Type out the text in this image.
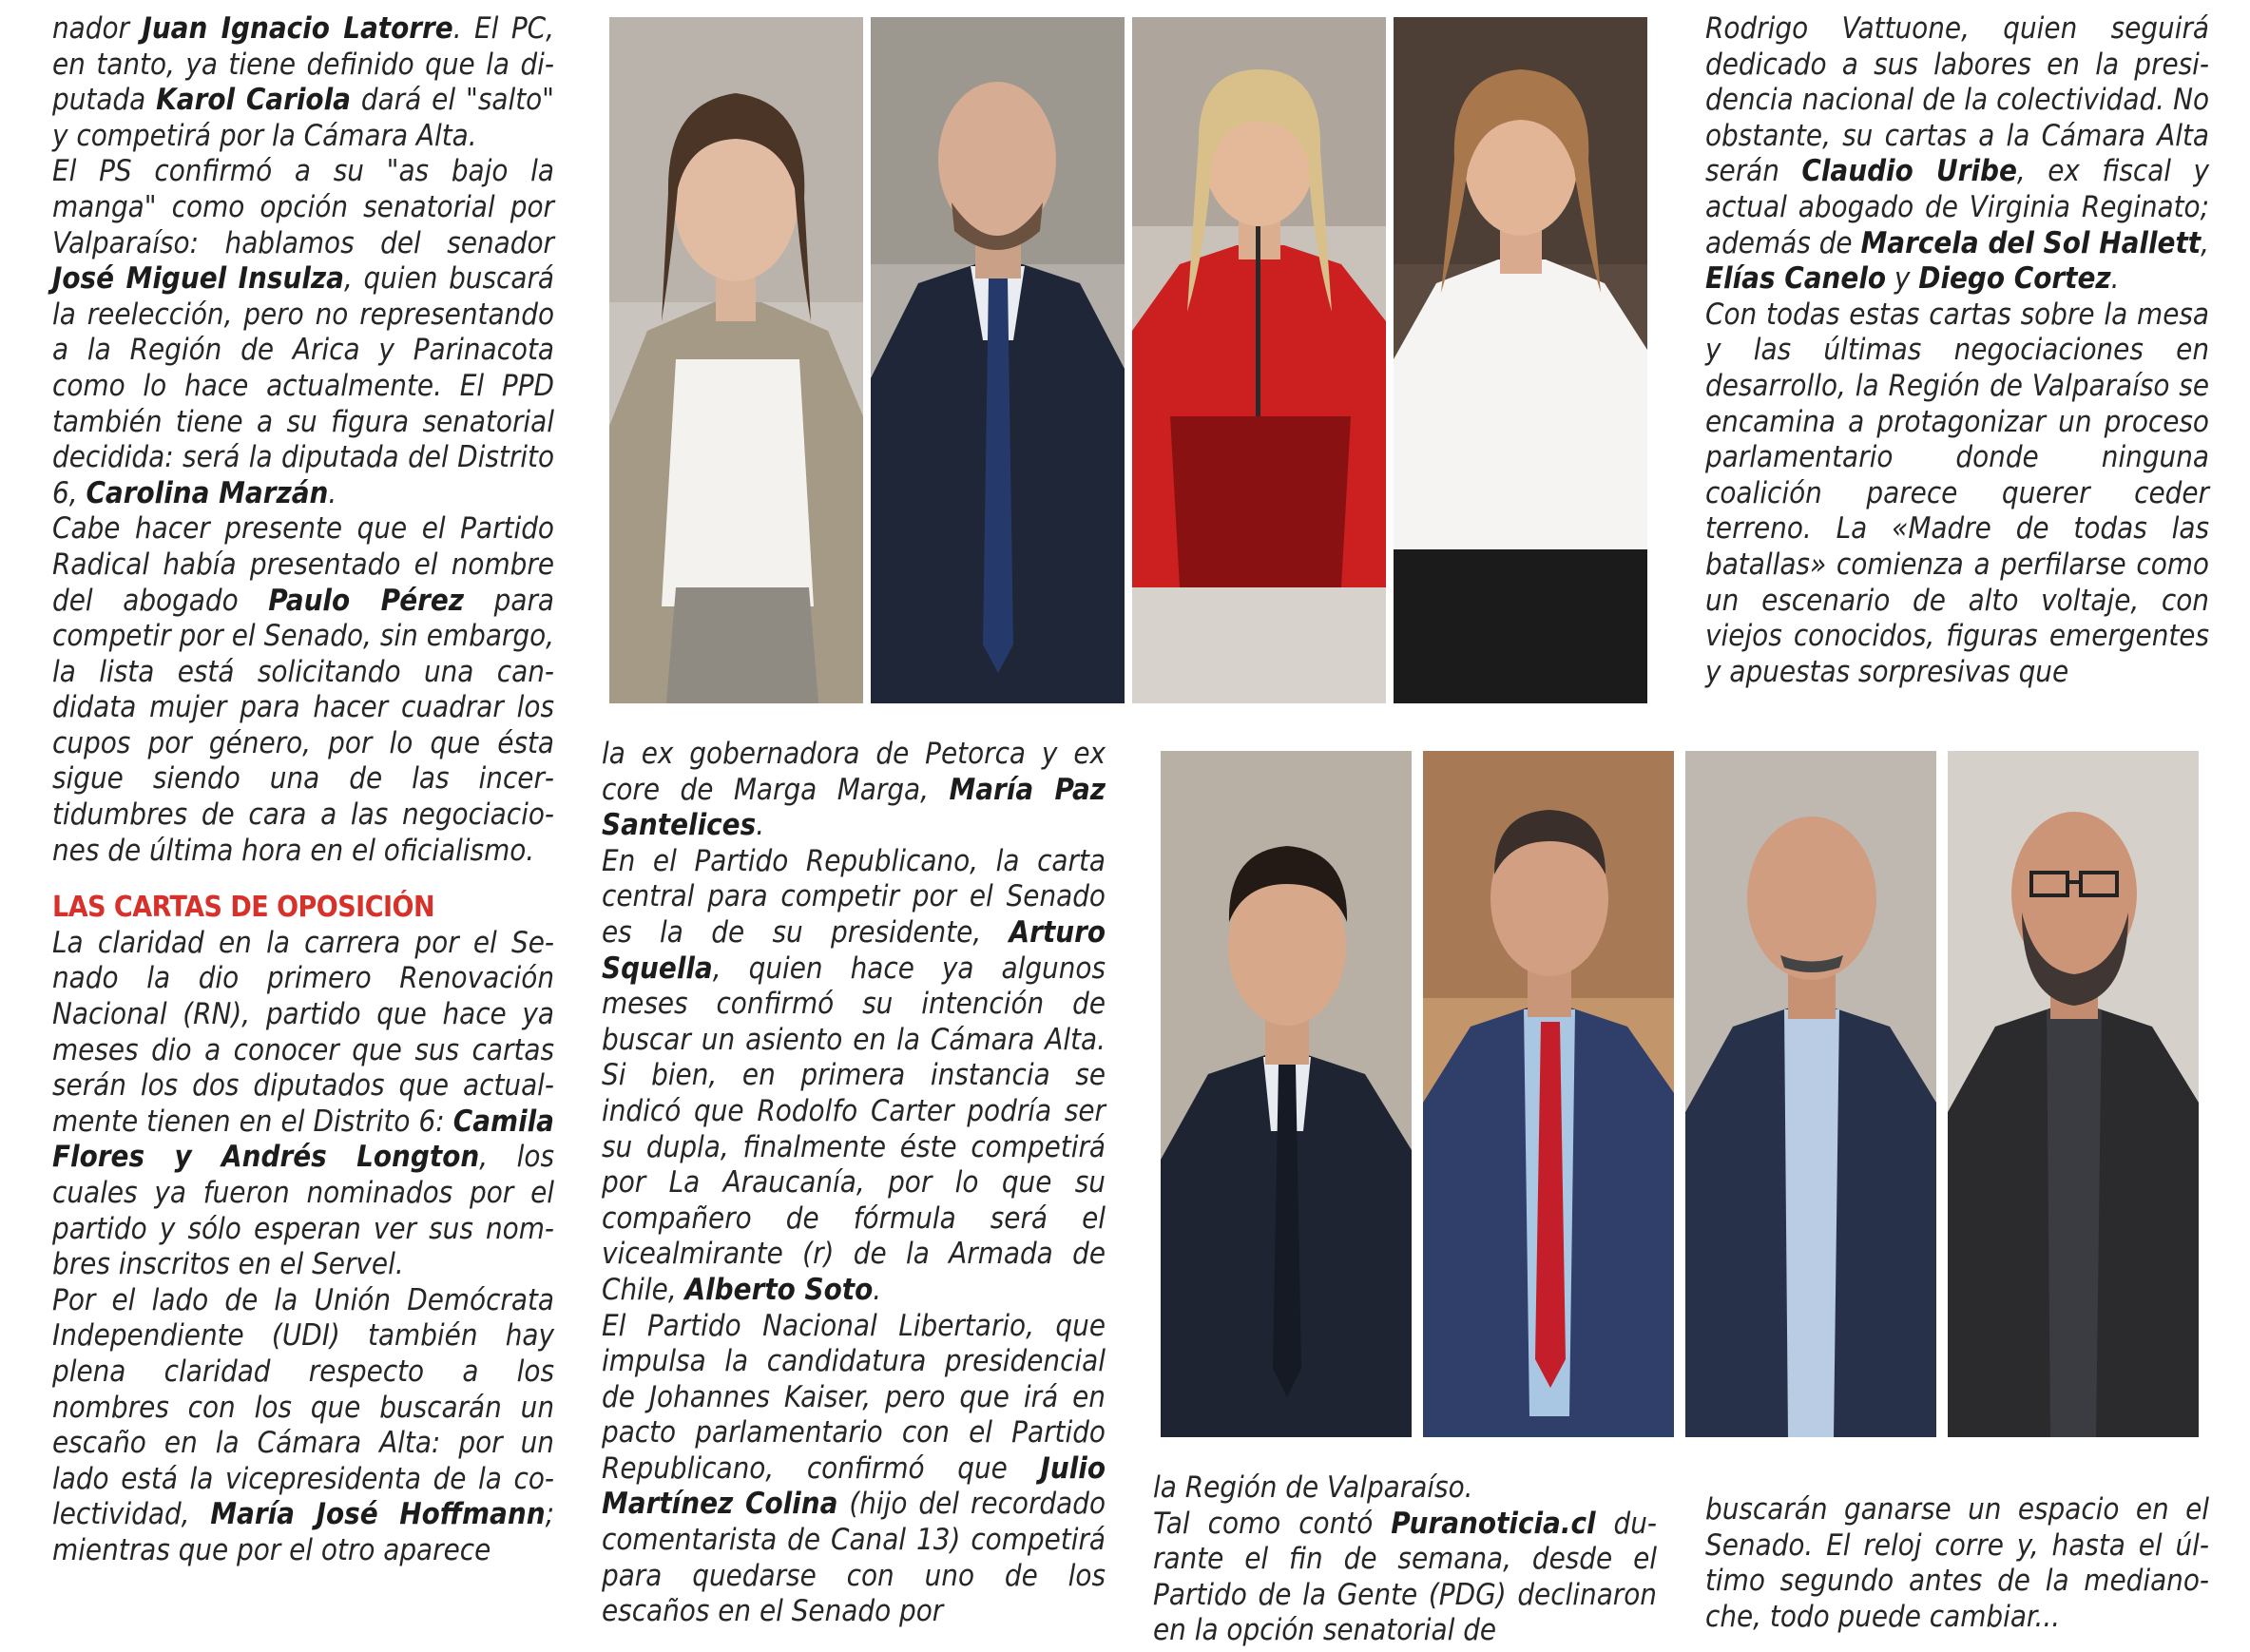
nador Juan Ignacio Latorre. El PC, en tanto, ya tiene definido que la diputada Karol Cariola dará el "salto" y competirá por la Cámara Alta.

El PS confirmó a su "as bajo la manga" como opción senatorial por Valparaíso: hablamos del senador José Miguel Insulza, quien buscará la reelección, pero no representando a la Región de Arica y Parinacota como lo hace actualmente. El PPD también tiene a su figura senatorial decidida: será la diputada del Distrito 6, Carolina Marzán.

Cabe hacer presente que el Partido Radical había presentado el nombre del abogado Paulo Pérez para competir por el Senado, sin embargo, la lista está solicitando una candidata mujer para hacer cuadrar los cupos por género, por lo que ésta sigue siendo una de las incertidumbres de cara a las negociaciones de última hora en el oficialismo.

LAS CARTAS DE OPOSICIÓN

La claridad en la carrera por el Senado la dio primero Renovación Nacional (RN), partido que hace ya meses dio a conocer que sus cartas serán los dos diputados que actualmente tienen en el Distrito 6: Camila Flores y Andrés Longton, los cuales ya fueron nominados por el partido y sólo esperan ver sus nombres inscritos en el Servel.

Por el lado de la Unión Demócrata Independiente (UDI) también hay plena claridad respecto a los nombres con los que buscarán un escaño en la Cámara Alta: por un lado está la vicepresidenta de la colectividad, María José Hoffmann; mientras que por el otro aparece

la ex gobernadora de Petorca y ex core de Marga Marga, María Paz Santelices.

En el Partido Republicano, la carta central para competir por el Senado es la de su presidente, Arturo Squella, quien hace ya algunos meses confirmó su intención de buscar un asiento en la Cámara Alta. Si bien, en primera instancia se indicó que Rodolfo Carter podría ser su dupla, finalmente éste competirá por La Araucanía, por lo que su compañero de fórmula será el vicealmirante (r) de la Armada de Chile, Alberto Soto.

El Partido Nacional Libertario, que impulsa la candidatura presidencial de Johannes Kaiser, pero que irá en pacto parlamentario con el Partido Republicano, confirmó que Julio Martínez Colina (hijo del recordado comentarista de Canal 13) competirá para quedarse con uno de los escaños en el Senado por

la Región de Valparaíso.

Tal como contó Puranoticia.cl durante el fin de semana, desde el Partido de la Gente (PDG) declinaron en la opción senatorial de

Rodrigo Vattuone, quien seguirá dedicado a sus labores en la presidencia nacional de la colectividad. No obstante, su cartas a la Cámara Alta serán Claudio Uribe, ex fiscal y actual abogado de Virginia Reginato; además de Marcela del Sol Hallett, Elías Canelo y Diego Cortez.

Con todas estas cartas sobre la mesa y las últimas negociaciones en desarrollo, la Región de Valparaíso se encamina a protagonizar un proceso parlamentario donde ninguna coalición parece querer ceder terreno. La «Madre de todas las batallas» comienza a perfilarse como un escenario de alto voltaje, con viejos conocidos, figuras emergentes y apuestas sorpresivas que

buscarán ganarse un espacio en el Senado. El reloj corre y, hasta el último segundo antes de la medianoche, todo puede cambiar...
